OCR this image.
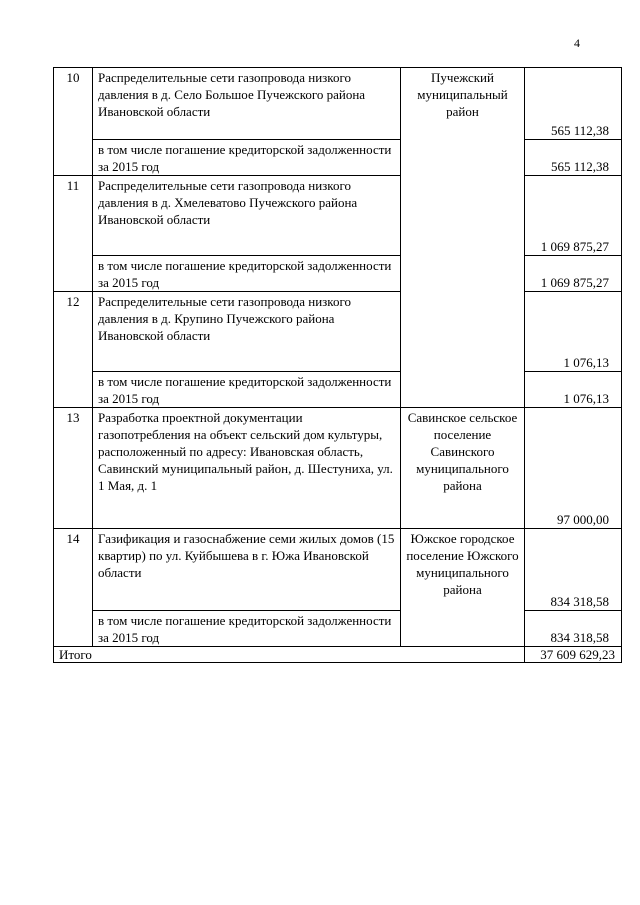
4
10	Распределительные сети газопровода низкого давления в д. Село Большое Пучежского района Ивановской области	Пучежский муниципальный район	565 112,38
	в том числе погашение кредиторской задолженности за 2015 год		565 112,38
11	Распределительные сети газопровода низкого давления в д. Хмелеватово Пучежского района Ивановской области		1 069 875,27
	в том числе погашение кредиторской задолженности за 2015 год		1 069 875,27
12	Распределительные сети газопровода низкого давления в д. Крупино Пучежского района Ивановской области		1 076,13
	в том числе погашение кредиторской задолженности за 2015 год		1 076,13
13	Разработка проектной документации газопотребления на объект сельский дом культуры, расположенный по адресу: Ивановская область, Савинский муниципальный район, д. Шестуниха, ул. 1 Мая, д. 1	Савинское сельское поселение Савинского муниципального района	97 000,00
14	Газификация и газоснабжение семи жилых домов (15 квартир) по ул. Куйбышева в г. Южа Ивановской области	Южское городское поселение Южского муниципального района	834 318,58
	в том числе погашение кредиторской задолженности за 2015 год		834 318,58
Итого			37 609 629,23
